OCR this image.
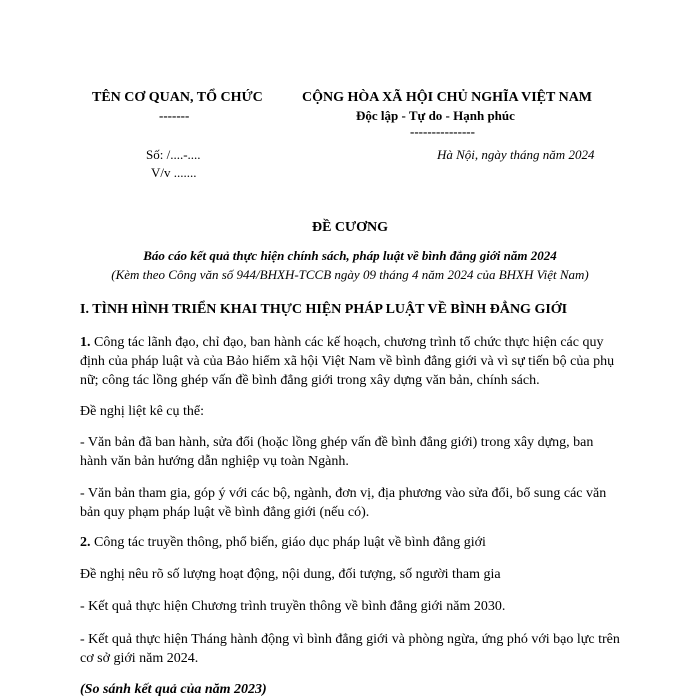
TÊN CƠ QUAN, TỔ CHỨC
-------
CỘNG HÒA XÃ HỘI CHỦ NGHĨA VIỆT NAM
Độc lập - Tự do - Hạnh phúc
---------------
Số: /....-....
V/v .......
Hà Nội, ngày tháng năm 2024
ĐỀ CƯƠNG
Báo cáo kết quả thực hiện chính sách, pháp luật về bình đẳng giới năm 2024
(Kèm theo Công văn số 944/BHXH-TCCB ngày 09 tháng 4 năm 2024 của BHXH Việt Nam)
I. TÌNH HÌNH TRIỂN KHAI THỰC HIỆN PHÁP LUẬT VỀ BÌNH ĐẲNG GIỚI
1. Công tác lãnh đạo, chỉ đạo, ban hành các kế hoạch, chương trình tổ chức thực hiện các quy định của pháp luật và của Bảo hiểm xã hội Việt Nam về bình đẳng giới và vì sự tiến bộ của phụ nữ; công tác lồng ghép vấn đề bình đẳng giới trong xây dựng văn bản, chính sách.
Đề nghị liệt kê cụ thể:
- Văn bản đã ban hành, sửa đổi (hoặc lồng ghép vấn đề bình đẳng giới) trong xây dựng, ban hành văn bản hướng dẫn nghiệp vụ toàn Ngành.
- Văn bản tham gia, góp ý với các bộ, ngành, đơn vị, địa phương vào sửa đổi, bổ sung các văn bản quy phạm pháp luật về bình đẳng giới (nếu có).
2. Công tác truyền thông, phổ biến, giáo dục pháp luật về bình đẳng giới
Đề nghị nêu rõ số lượng hoạt động, nội dung, đối tượng, số người tham gia
- Kết quả thực hiện Chương trình truyền thông về bình đẳng giới năm 2030.
- Kết quả thực hiện Tháng hành động vì bình đẳng giới và phòng ngừa, ứng phó với bạo lực trên cơ sở giới năm 2024.
(So sánh kết quả của năm 2023)
